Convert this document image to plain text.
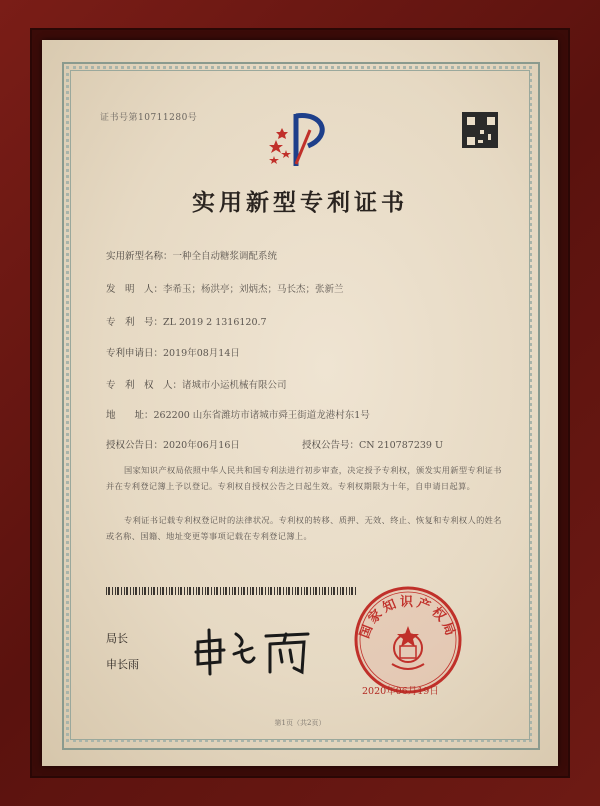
证书号第10711280号
实用新型专利证书
实用新型名称：一种全自动糖浆调配系统
发　明　人：李希玉；杨洪亭；刘炳杰；马长杰；张新兰
专　利　号：ZL 2019 2 1316120.7
专利申请日：2019年08月14日
专　利　权　人：诸城市小运机械有限公司
地　　址：262200 山东省潍坊市诸城市舜王街道龙港村东1号
授权公告日：2020年06月16日	授权公告号：CN 210787239 U
国家知识产权局依照中华人民共和国专利法进行初步审查，决定授予专利权，颁发实用新型专利证书并在专利登记簿上予以登记。专利权自授权公告之日起生效。专利权期限为十年，自申请日起算。
专利证书记载专利权登记时的法律状况。专利权的转移、质押、无效、终止、恢复和专利权人的姓名或名称、国籍、地址变更等事项记载在专利登记簿上。
局长
申长雨
国家知识产权局
2020年06月19日
第1页（共2页）
